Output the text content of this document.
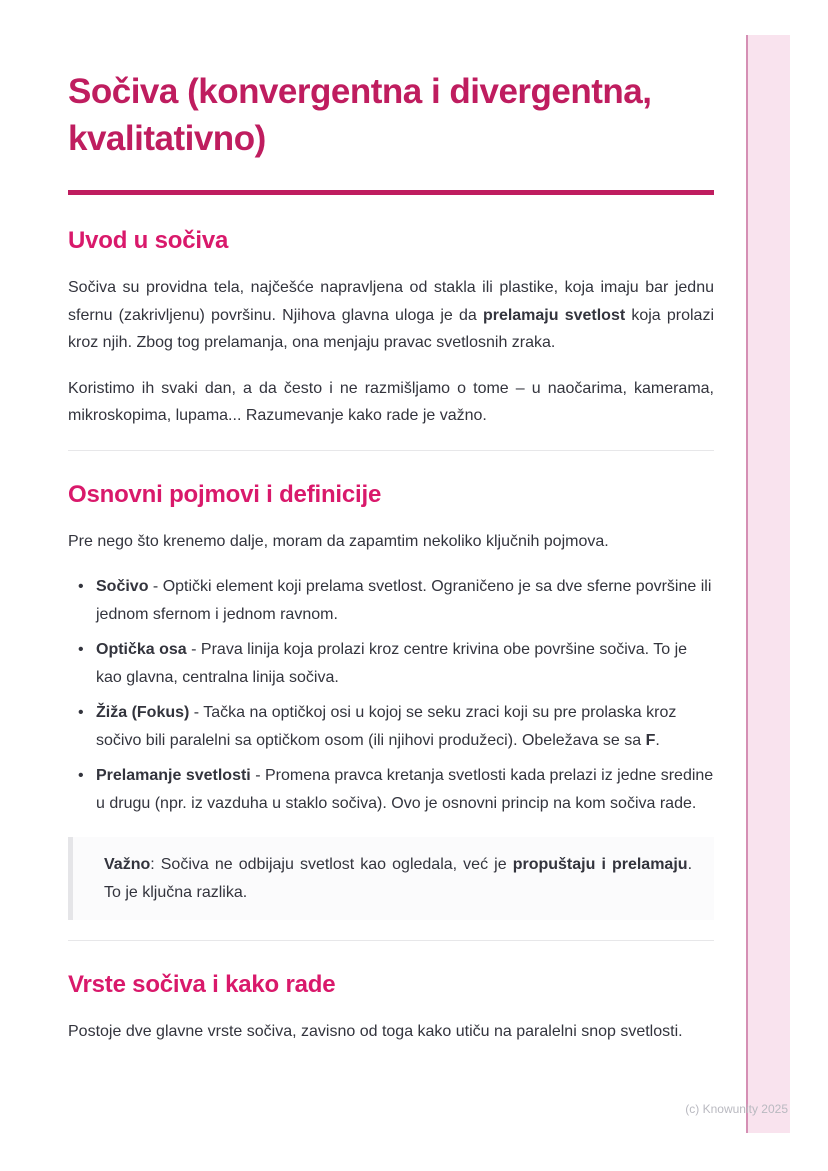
Sočiva (konvergentna i divergentna, kvalitativno)
Uvod u sočiva

Sočiva su providna tela, najčešće napravljena od stakla ili plastike, koja imaju bar jednu sfernu (zakrivljenu) površinu. Njihova glavna uloga je da prelamaju svetlost koja prolazi kroz njih. Zbog tog prelamanja, ona menjaju pravac svetlosnih zraka.

Koristimo ih svaki dan, a da često i ne razmišljamo o tome – u naočarima, kamerama, mikroskopima, lupama... Razumevanje kako rade je važno.

Osnovni pojmovi i definicije

Pre nego što krenemo dalje, moram da zapamtim nekoliko ključnih pojmova.

• Sočivo - Optički element koji prelama svetlost. Ograničeno je sa dve sferne površine ili jednom sfernom i jednom ravnom.
• Optička osa - Prava linija koja prolazi kroz centre krivina obe površine sočiva. To je kao glavna, centralna linija sočiva.
• Žiža (Fokus) - Tačka na optičkoj osi u kojoj se seku zraci koji su pre prolaska kroz sočivo bili paralelni sa optičkom osom (ili njihovi produžeci). Obeležava se sa F.
• Prelamanje svetlosti - Promena pravca kretanja svetlosti kada prelazi iz jedne sredine u drugu (npr. iz vazduha u staklo sočiva). Ovo je osnovni princip na kom sočiva rade.

Važno: Sočiva ne odbijaju svetlost kao ogledala, već je propuštaju i prelamaju. To je ključna razlika.

Vrste sočiva i kako rade

Postoje dve glavne vrste sočiva, zavisno od toga kako utiču na paralelni snop svetlosti.

(c) Knowunity 2025
